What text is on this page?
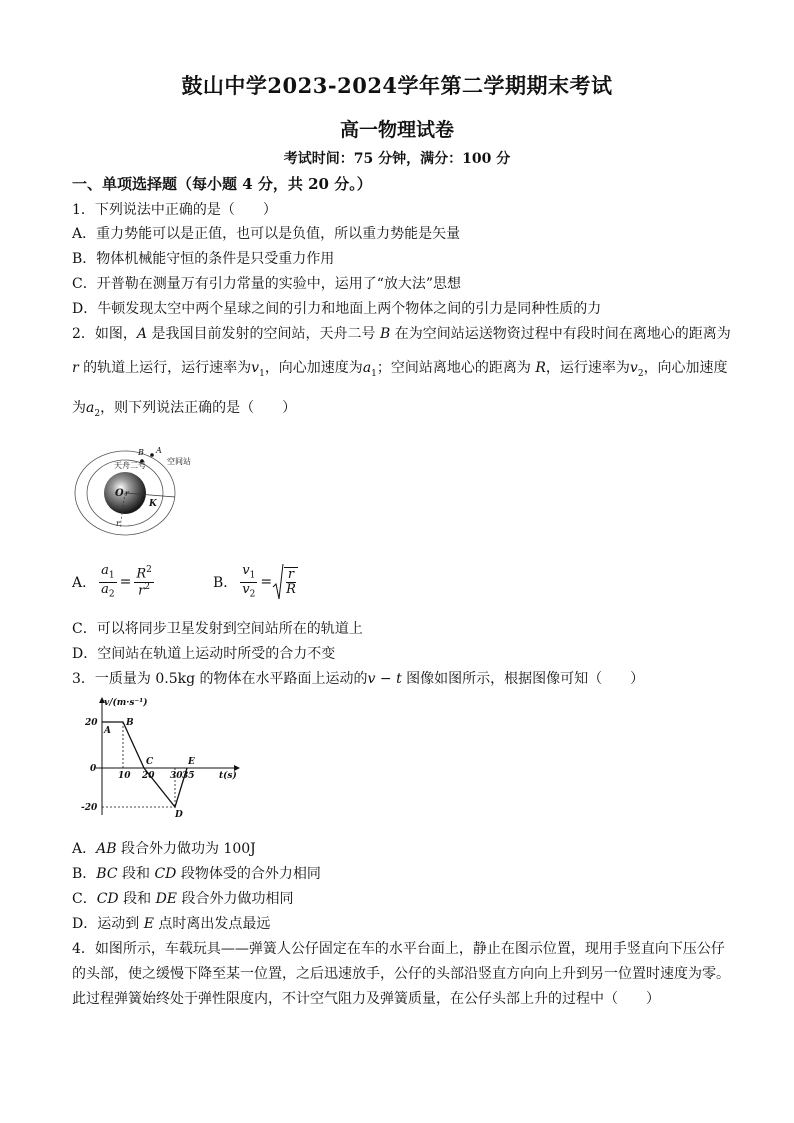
鼓山中学2023-2024学年第二学期期末考试
高一物理试卷
考试时间：75 分钟，满分：100 分
一、单项选择题（每小题 4 分，共 20 分。）
1．下列说法中正确的是（　　）
A．重力势能可以是正值，也可以是负值，所以重力势能是矢量
B．物体机械能守恒的条件是只受重力作用
C．开普勒在测量万有引力常量的实验中，运用了“放大法”思想
D．牛顿发现太空中两个星球之间的引力和地面上两个物体之间的引力是同种性质的力
2．如图，A 是我国目前发射的空间站，天舟二号 B 在为空间站运送物资过程中有段时间在离地心的距离为
r 的轨道上运行，运行速率为$v_1$，向心加速度为$a_1$；空间站离地心的距离为 R，运行速率为$v_2$，向心加速度
为$a_2$，则下列说法正确的是（　　）
B A
空间站
天舟二号
O r
K
r
A． $\frac{a_1}{a_2} = \frac{R^2}{r^2}$	B． $\frac{v_1}{v_2} = \frac{r}{R}$
C．可以将同步卫星发射到空间站所在的轨道上
D．空间站在轨道上运动时所受的合力不变
3．一质量为 0.5kg 的物体在水平路面上运动的v − t 图像如图所示，根据图像可知（　　）
v/(m·s⁻¹)
t(s)
20
0
-20
10 20 30 35
A
B
C
D
E
A．AB 段合外力做功为 100J
B．BC 段和 CD 段物体受的合外力相同
C．CD 段和 DE 段合外力做功相同
D．运动到 E 点时离出发点最远
4．如图所示，车载玩具——弹簧人公仔固定在车的水平台面上，静止在图示位置，现用手竖直向下压公仔
的头部，使之缓慢下降至某一位置，之后迅速放手，公仔的头部沿竖直方向向上升到另一位置时速度为零。
此过程弹簧始终处于弹性限度内，不计空气阻力及弹簧质量，在公仔头部上升的过程中（　　）
